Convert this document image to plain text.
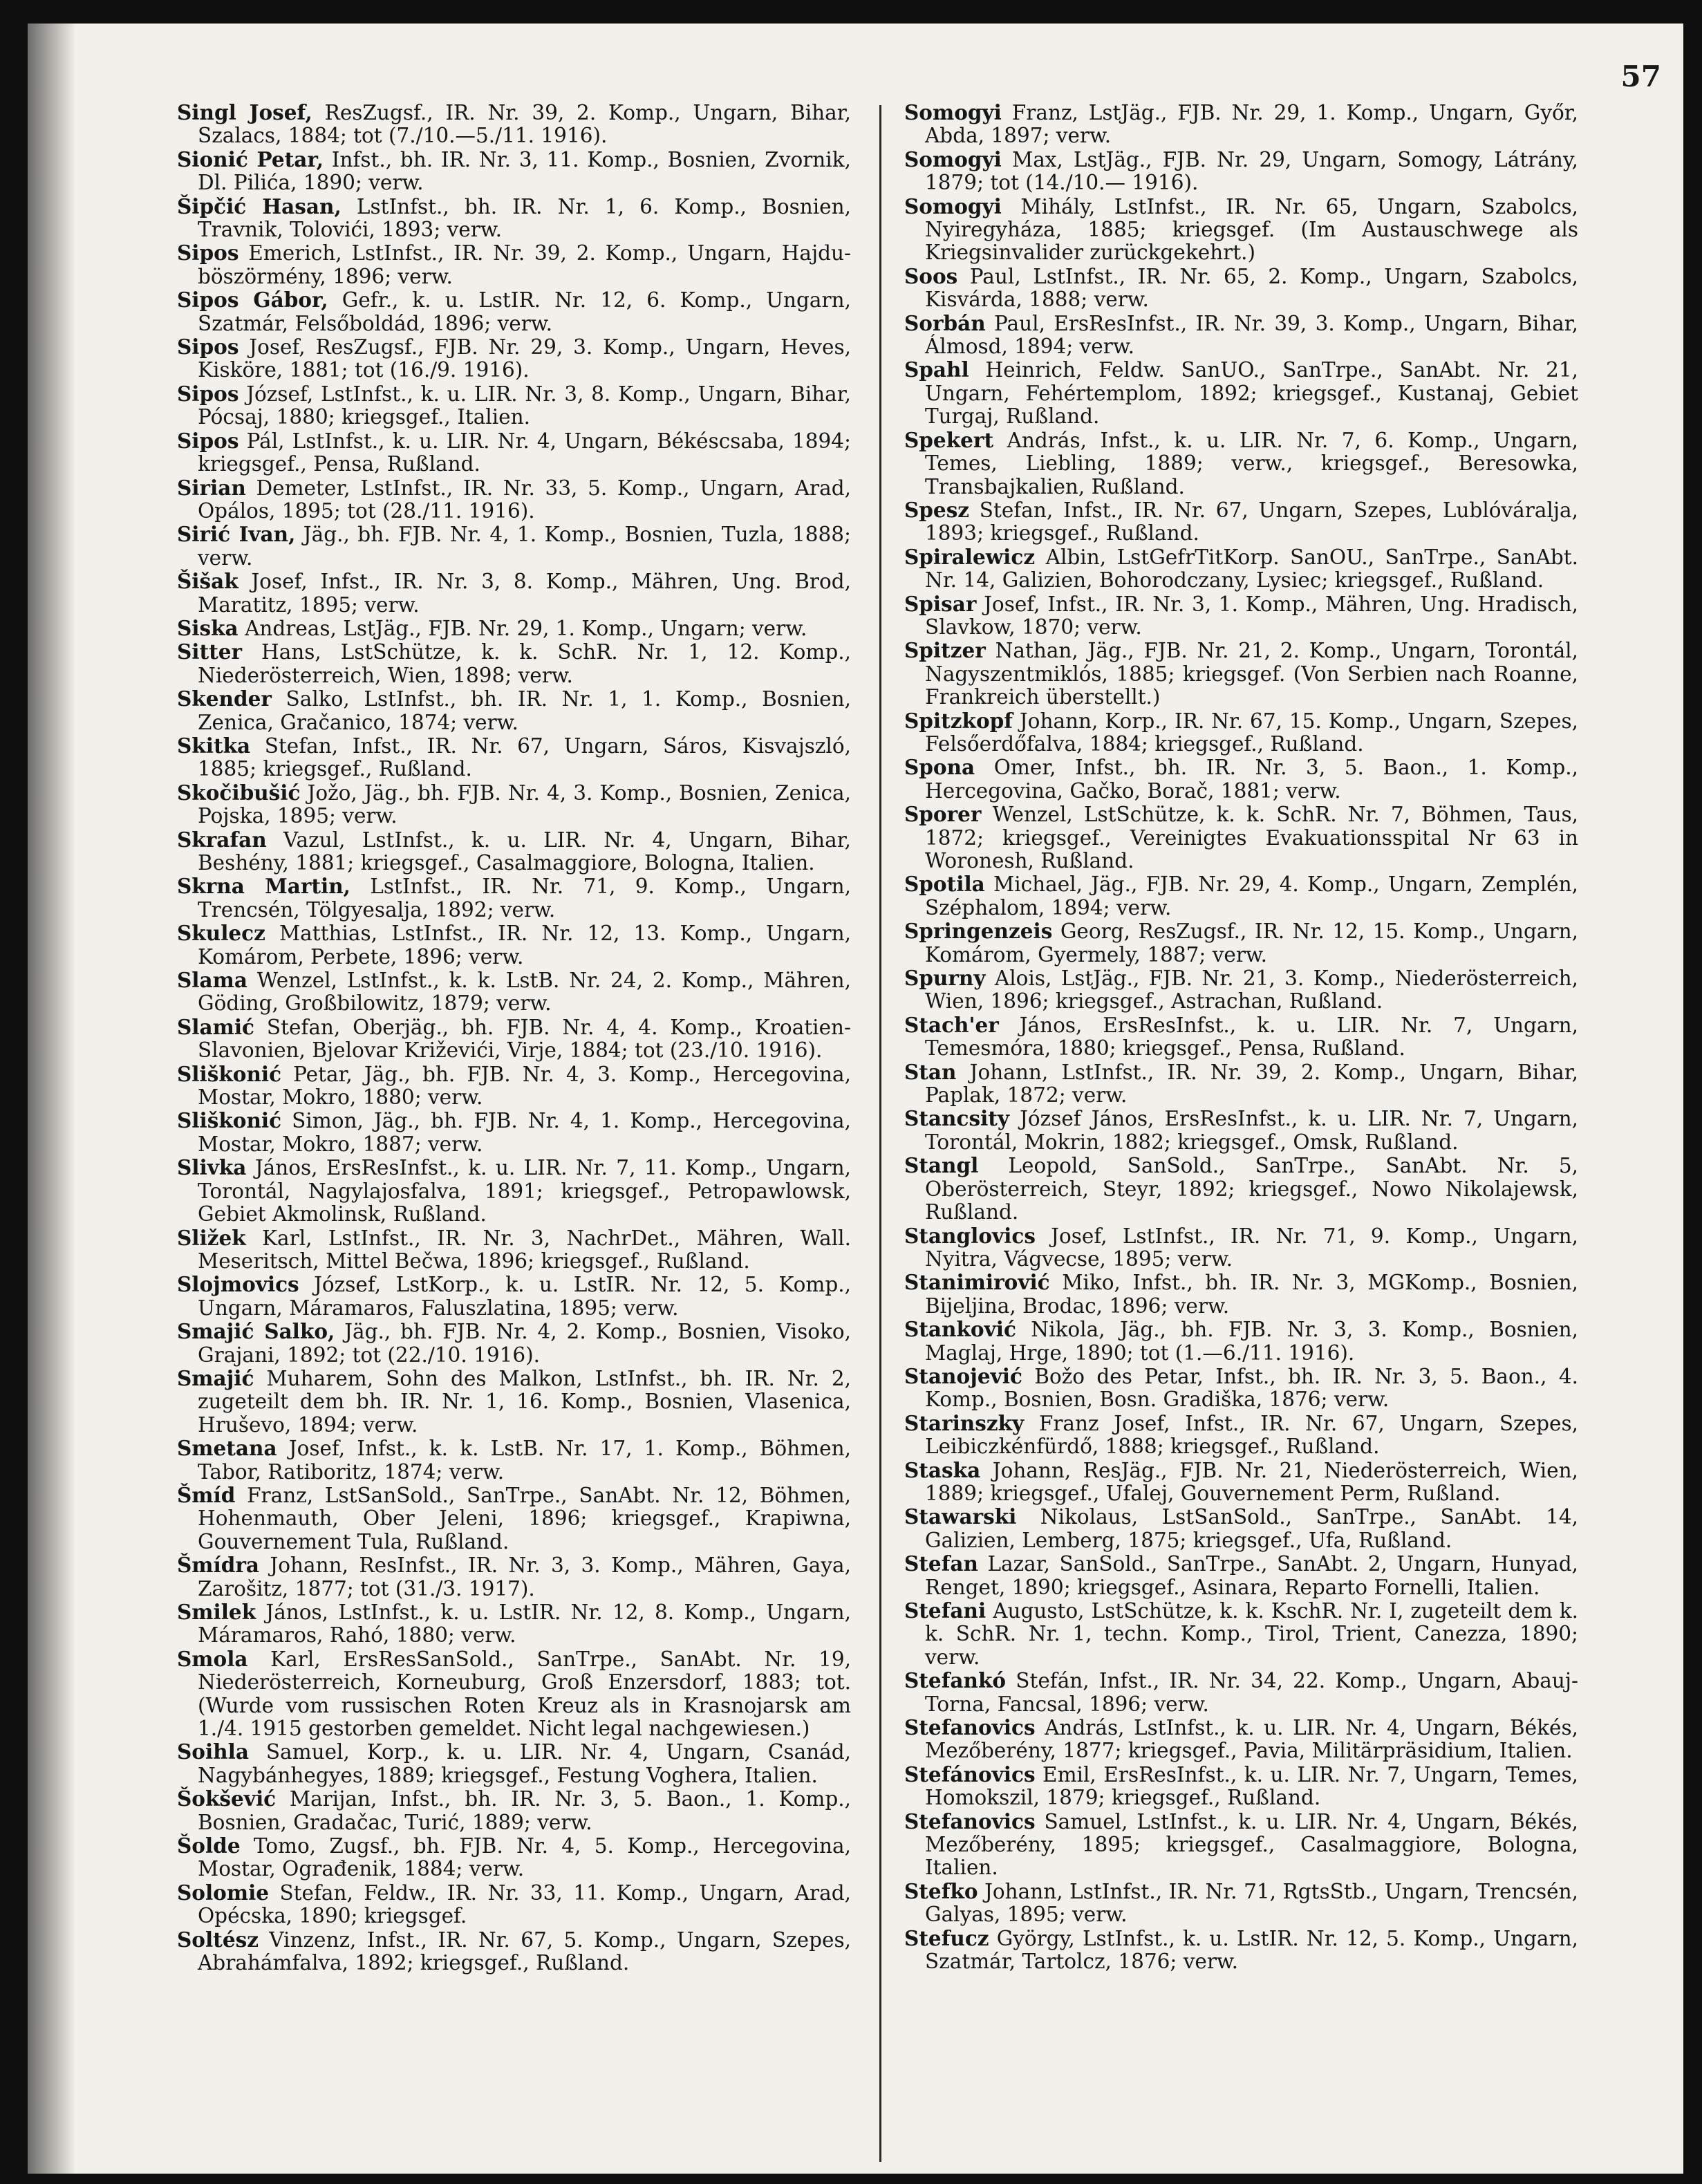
57

Singl Josef, ResZugsf., IR. Nr. 39, 2. Komp., Ungarn, Bihar, Szalacs, 1884; tot (7./10.—5./11. 1916).

Sionić Petar, Infst., bh. IR. Nr. 3, 11. Komp., Bosnien, Zvornik, Dl. Pilića, 1890; verw.

Šipčić Hasan, LstInfst., bh. IR. Nr. 1, 6. Komp., Bosnien, Travnik, Tolovići, 1893; verw.

Sipos Emerich, LstInfst., IR. Nr. 39, 2. Komp., Ungarn, Hajdu-böszörmény, 1896; verw.

Sipos Gábor, Gefr., k. u. LstIR. Nr. 12, 6. Komp., Ungarn, Szatmár, Felsőboldád, 1896; verw.

Sipos Josef, ResZugsf., FJB. Nr. 29, 3. Komp., Ungarn, Heves, Kisköre, 1881; tot (16./9. 1916).

Sipos József, LstInfst., k. u. LIR. Nr. 3, 8. Komp., Ungarn, Bihar, Pócsaj, 1880; kriegsgef., Italien.

Sipos Pál, LstInfst., k. u. LIR. Nr. 4, Ungarn, Békéscsaba, 1894; kriegsgef., Pensa, Rußland.

Sirian Demeter, LstInfst., IR. Nr. 33, 5. Komp., Ungarn, Arad, Opálos, 1895; tot (28./11. 1916).

Sirić Ivan, Jäg., bh. FJB. Nr. 4, 1. Komp., Bosnien, Tuzla, 1888; verw.

Šišak Josef, Infst., IR. Nr. 3, 8. Komp., Mähren, Ung. Brod, Maratitz, 1895; verw.

Siska Andreas, LstJäg., FJB. Nr. 29, 1. Komp., Ungarn; verw.

Sitter Hans, LstSchütze, k. k. SchR. Nr. 1, 12. Komp., Niederösterreich, Wien, 1898; verw.

Skender Salko, LstInfst., bh. IR. Nr. 1, 1. Komp., Bosnien, Zenica, Gračanico, 1874; verw.

Skitka Stefan, Infst., IR. Nr. 67, Ungarn, Sáros, Kisvajszló, 1885; kriegsgef., Rußland.

Skočibušić Jožo, Jäg., bh. FJB. Nr. 4, 3. Komp., Bosnien, Zenica, Pojska, 1895; verw.

Skrafan Vazul, LstInfst., k. u. LIR. Nr. 4, Ungarn, Bihar, Beshény, 1881; kriegsgef., Casalmaggiore, Bologna, Italien.

Skrna Martin, LstInfst., IR. Nr. 71, 9. Komp., Ungarn, Trencsén, Tölgyesalja, 1892; verw.

Skulecz Matthias, LstInfst., IR. Nr. 12, 13. Komp., Ungarn, Komárom, Perbete, 1896; verw.

Slama Wenzel, LstInfst., k. k. LstB. Nr. 24, 2. Komp., Mähren, Göding, Großbilowitz, 1879; verw.

Slamić Stefan, Oberjäg., bh. FJB. Nr. 4, 4. Komp., Kroatien-Slavonien, Bjelovar Križevići, Virje, 1884; tot (23./10. 1916).

Sliškonić Petar, Jäg., bh. FJB. Nr. 4, 3. Komp., Hercegovina, Mostar, Mokro, 1880; verw.

Sliškonić Simon, Jäg., bh. FJB. Nr. 4, 1. Komp., Hercegovina, Mostar, Mokro, 1887; verw.

Slivka János, ErsResInfst., k. u. LIR. Nr. 7, 11. Komp., Ungarn, Torontál, Nagylajosfalva, 1891; kriegsgef., Petropawlowsk, Gebiet Akmolinsk, Rußland.

Sližek Karl, LstInfst., IR. Nr. 3, NachrDet., Mähren, Wall. Meseritsch, Mittel Bečwa, 1896; kriegsgef., Rußland.

Slojmovics József, LstKorp., k. u. LstIR. Nr. 12, 5. Komp., Ungarn, Máramaros, Faluszlatina, 1895; verw.

Smajić Salko, Jäg., bh. FJB. Nr. 4, 2. Komp., Bosnien, Visoko, Grajani, 1892; tot (22./10. 1916).

Smajić Muharem, Sohn des Malkon, LstInfst., bh. IR. Nr. 2, zugeteilt dem bh. IR. Nr. 1, 16. Komp., Bosnien, Vlasenica, Hruševo, 1894; verw.

Smetana Josef, Infst., k. k. LstB. Nr. 17, 1. Komp., Böhmen, Tabor, Ratiboritz, 1874; verw.

Šmíd Franz, LstSanSold., SanTrpe., SanAbt. Nr. 12, Böhmen, Hohenmauth, Ober Jeleni, 1896; kriegsgef., Krapiwna, Gouvernement Tula, Rußland.

Šmídra Johann, ResInfst., IR. Nr. 3, 3. Komp., Mähren, Gaya, Zarošitz, 1877; tot (31./3. 1917).

Smilek János, LstInfst., k. u. LstIR. Nr. 12, 8. Komp., Ungarn, Máramaros, Rahó, 1880; verw.

Smola Karl, ErsResSanSold., SanTrpe., SanAbt. Nr. 19, Niederösterreich, Korneuburg, Groß Enzersdorf, 1883; tot. (Wurde vom russischen Roten Kreuz als in Krasnojarsk am 1./4. 1915 gestorben gemeldet. Nicht legal nachgewiesen.)

Soihla Samuel, Korp., k. u. LIR. Nr. 4, Ungarn, Csanád, Nagybánhegyes, 1889; kriegsgef., Festung Voghera, Italien.

Šokšević Marijan, Infst., bh. IR. Nr. 3, 5. Baon., 1. Komp., Bosnien, Gradačac, Turić, 1889; verw.

Šolde Tomo, Zugsf., bh. FJB. Nr. 4, 5. Komp., Hercegovina, Mostar, Ograđenik, 1884; verw.

Solomie Stefan, Feldw., IR. Nr. 33, 11. Komp., Ungarn, Arad, Opécska, 1890; kriegsgef.

Soltész Vinzenz, Infst., IR. Nr. 67, 5. Komp., Ungarn, Szepes, Abrahámfalva, 1892; kriegsgef., Rußland.

Somogyi Franz, LstJäg., FJB. Nr. 29, 1. Komp., Ungarn, Győr, Abda, 1897; verw.

Somogyi Max, LstJäg., FJB. Nr. 29, Ungarn, Somogy, Látrány, 1879; tot (14./10.— 1916).

Somogyi Mihály, LstInfst., IR. Nr. 65, Ungarn, Szabolcs, Nyiregyháza, 1885; kriegsgef. (Im Austauschwege als Kriegsinvalider zurückgekehrt.)

Soos Paul, LstInfst., IR. Nr. 65, 2. Komp., Ungarn, Szabolcs, Kisvárda, 1888; verw.

Sorbán Paul, ErsResInfst., IR. Nr. 39, 3. Komp., Ungarn, Bihar, Álmosd, 1894; verw.

Spahl Heinrich, Feldw. SanUO., SanTrpe., SanAbt. Nr. 21, Ungarn, Fehértemplom, 1892; kriegsgef., Kustanaj, Gebiet Turgaj, Rußland.

Spekert András, Infst., k. u. LIR. Nr. 7, 6. Komp., Ungarn, Temes, Liebling, 1889; verw., kriegsgef., Beresowka, Transbajkalien, Rußland.

Spesz Stefan, Infst., IR. Nr. 67, Ungarn, Szepes, Lublóváralja, 1893; kriegsgef., Rußland.

Spiralewicz Albin, LstGefrTitKorp. SanOU., SanTrpe., SanAbt. Nr. 14, Galizien, Bohorodczany, Lysiec; kriegsgef., Rußland.

Spisar Josef, Infst., IR. Nr. 3, 1. Komp., Mähren, Ung. Hradisch, Slavkow, 1870; verw.

Spitzer Nathan, Jäg., FJB. Nr. 21, 2. Komp., Ungarn, Torontál, Nagyszentmiklós, 1885; kriegsgef. (Von Serbien nach Roanne, Frankreich überstellt.)

Spitzkopf Johann, Korp., IR. Nr. 67, 15. Komp., Ungarn, Szepes, Felsőerdőfalva, 1884; kriegsgef., Rußland.

Spona Omer, Infst., bh. IR. Nr. 3, 5. Baon., 1. Komp., Hercegovina, Gačko, Borač, 1881; verw.

Sporer Wenzel, LstSchütze, k. k. SchR. Nr. 7, Böhmen, Taus, 1872; kriegsgef., Vereinigtes Evakuationsspital Nr 63 in Woronesh, Rußland.

Spotila Michael, Jäg., FJB. Nr. 29, 4. Komp., Ungarn, Zemplén, Széphalom, 1894; verw.

Springenzeis Georg, ResZugsf., IR. Nr. 12, 15. Komp., Ungarn, Komárom, Gyermely, 1887; verw.

Spurny Alois, LstJäg., FJB. Nr. 21, 3. Komp., Niederösterreich, Wien, 1896; kriegsgef., Astrachan, Rußland.

Stach'er János, ErsResInfst., k. u. LIR. Nr. 7, Ungarn, Temesmóra, 1880; kriegsgef., Pensa, Rußland.

Stan Johann, LstInfst., IR. Nr. 39, 2. Komp., Ungarn, Bihar, Paplak, 1872; verw.

Stancsity József János, ErsResInfst., k. u. LIR. Nr. 7, Ungarn, Torontál, Mokrin, 1882; kriegsgef., Omsk, Rußland.

Stangl Leopold, SanSold., SanTrpe., SanAbt. Nr. 5, Oberösterreich, Steyr, 1892; kriegsgef., Nowo Nikolajewsk, Rußland.

Stanglovics Josef, LstInfst., IR. Nr. 71, 9. Komp., Ungarn, Nyitra, Vágvecse, 1895; verw.

Stanimirović Miko, Infst., bh. IR. Nr. 3, MGKomp., Bosnien, Bijeljina, Brodac, 1896; verw.

Stanković Nikola, Jäg., bh. FJB. Nr. 3, 3. Komp., Bosnien, Maglaj, Hrge, 1890; tot (1.—6./11. 1916).

Stanojević Božo des Petar, Infst., bh. IR. Nr. 3, 5. Baon., 4. Komp., Bosnien, Bosn. Gradiška, 1876; verw.

Starinszky Franz Josef, Infst., IR. Nr. 67, Ungarn, Szepes, Leibiczkénfürdő, 1888; kriegsgef., Rußland.

Staska Johann, ResJäg., FJB. Nr. 21, Niederösterreich, Wien, 1889; kriegsgef., Ufalej, Gouvernement Perm, Rußland.

Stawarski Nikolaus, LstSanSold., SanTrpe., SanAbt. 14, Galizien, Lemberg, 1875; kriegsgef., Ufa, Rußland.

Stefan Lazar, SanSold., SanTrpe., SanAbt. 2, Ungarn, Hunyad, Renget, 1890; kriegsgef., Asinara, Reparto Fornelli, Italien.

Stefani Augusto, LstSchütze, k. k. KschR. Nr. I, zugeteilt dem k. k. SchR. Nr. 1, techn. Komp., Tirol, Trient, Canezza, 1890; verw.

Stefankó Stefán, Infst., IR. Nr. 34, 22. Komp., Ungarn, Abauj-Torna, Fancsal, 1896; verw.

Stefanovics András, LstInfst., k. u. LIR. Nr. 4, Ungarn, Békés, Mezőberény, 1877; kriegsgef., Pavia, Militärpräsidium, Italien.

Stefánovics Emil, ErsResInfst., k. u. LIR. Nr. 7, Ungarn, Temes, Homokszil, 1879; kriegsgef., Rußland.

Stefanovics Samuel, LstInfst., k. u. LIR. Nr. 4, Ungarn, Békés, Mezőberény, 1895; kriegsgef., Casalmaggiore, Bologna, Italien.

Stefko Johann, LstInfst., IR. Nr. 71, RgtsStb., Ungarn, Trencsén, Galyas, 1895; verw.

Stefucz György, LstInfst., k. u. LstIR. Nr. 12, 5. Komp., Ungarn, Szatmár, Tartolcz, 1876; verw.
